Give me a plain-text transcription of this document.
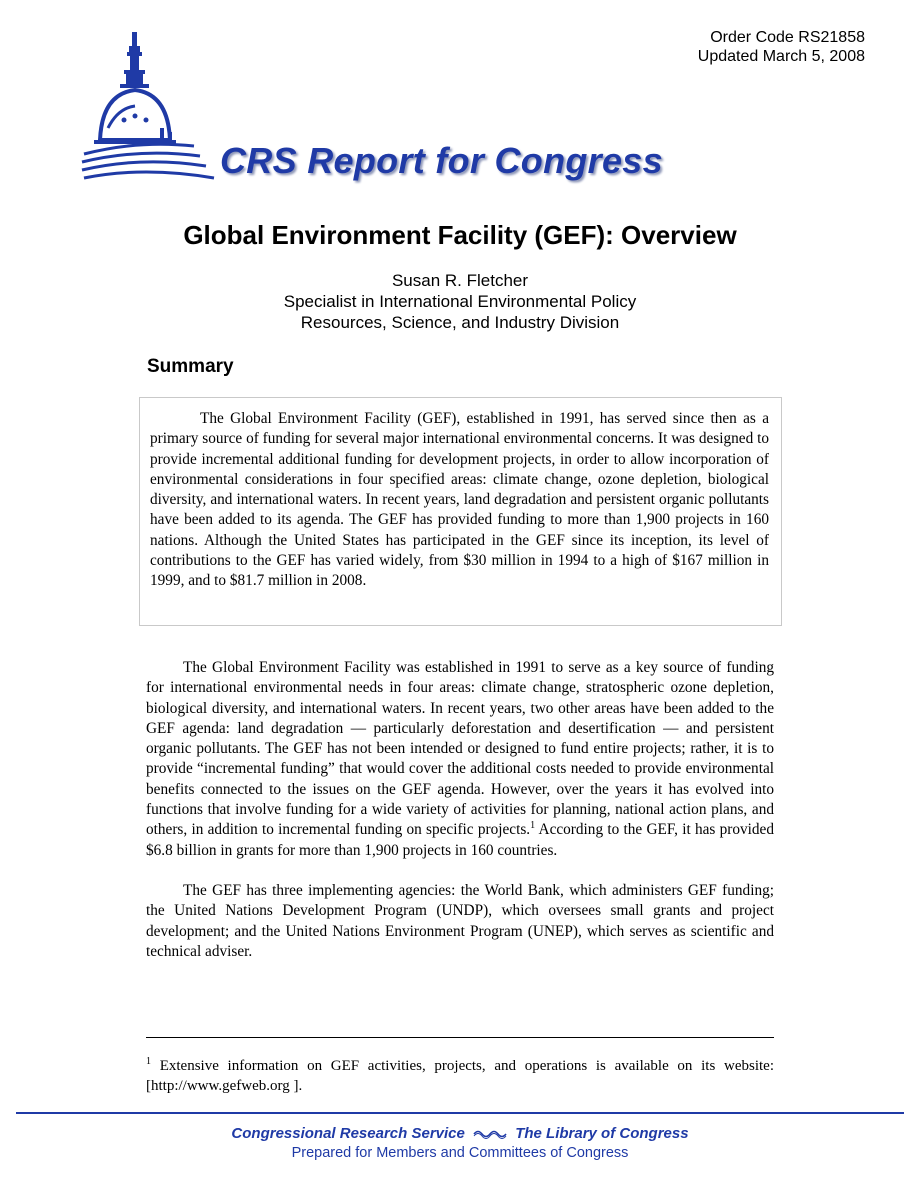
Order Code RS21858
Updated March 5, 2008
CRS Report for Congress
Global Environment Facility (GEF): Overview
Susan R. Fletcher
Specialist in International Environmental Policy
Resources, Science, and Industry Division
Summary

The Global Environment Facility (GEF), established in 1991, has served since then as a primary source of funding for several major international environmental concerns. It was designed to provide incremental additional funding for development projects, in order to allow incorporation of environmental considerations in four specified areas: climate change, ozone depletion, biological diversity, and international waters. In recent years, land degradation and persistent organic pollutants have been added to its agenda. The GEF has provided funding to more than 1,900 projects in 160 nations. Although the United States has participated in the GEF since its inception, its level of contributions to the GEF has varied widely, from $30 million in 1994 to a high of $167 million in 1999, and to $81.7 million in 2008.

The Global Environment Facility was established in 1991 to serve as a key source of funding for international environmental needs in four areas: climate change, stratospheric ozone depletion, biological diversity, and international waters. In recent years, two other areas have been added to the GEF agenda: land degradation — particularly deforestation and desertification — and persistent organic pollutants. The GEF has not been intended or designed to fund entire projects; rather, it is to provide “incremental funding” that would cover the additional costs needed to provide environmental benefits connected to the issues on the GEF agenda. However, over the years it has evolved into functions that involve funding for a wide variety of activities for planning, national action plans, and others, in addition to incremental funding on specific projects.$^1$ According to the GEF, it has provided $6.8 billion in grants for more than 1,900 projects in 160 countries.

The GEF has three implementing agencies: the World Bank, which administers GEF funding; the United Nations Development Program (UNDP), which oversees small grants and project development; and the United Nations Environment Program (UNEP), which serves as scientific and technical adviser.

$^1$ Extensive information on GEF activities, projects, and operations is available on its website: [http://www.gefweb.org ].
Congressional Research Service	The Library of Congress
Prepared for Members and Committees of Congress
